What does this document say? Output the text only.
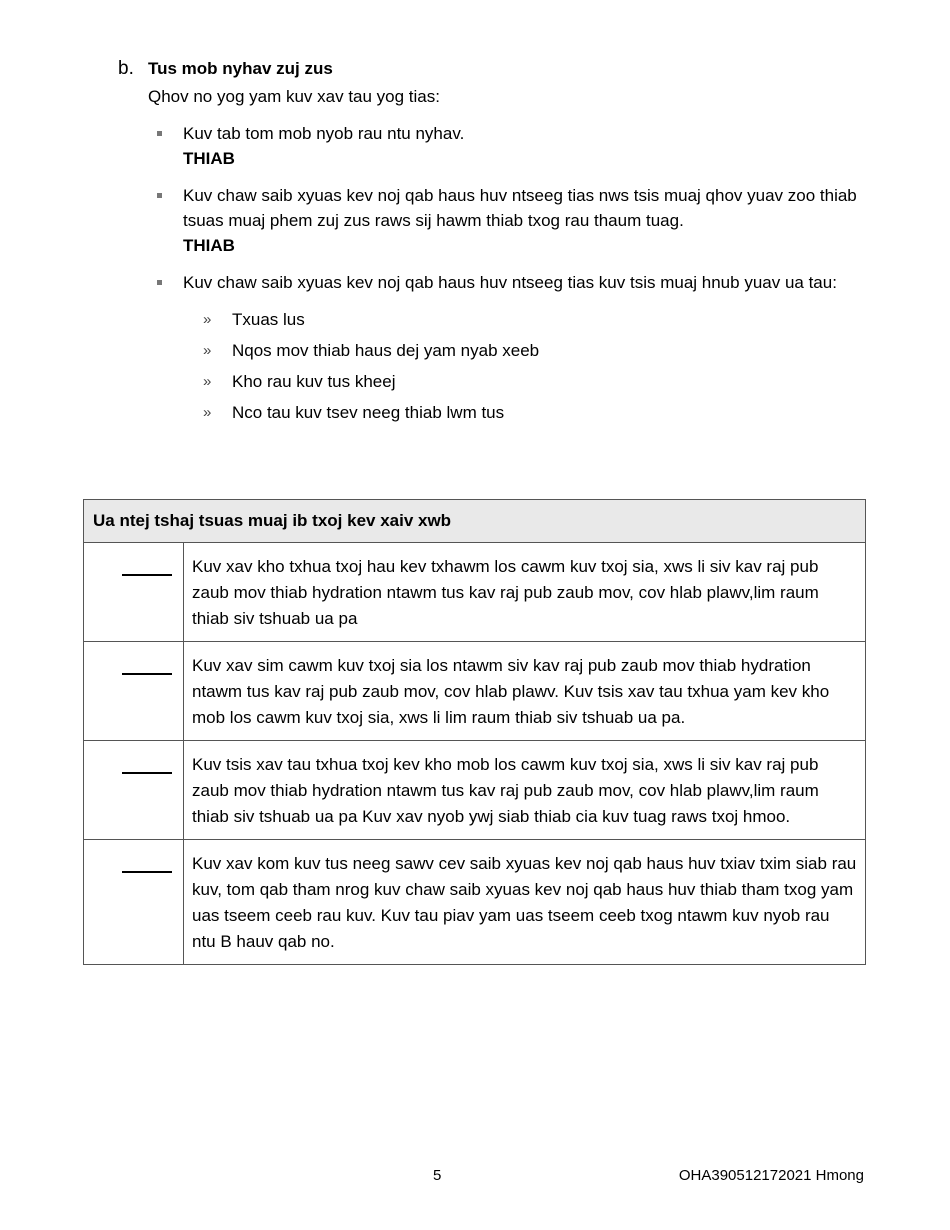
b. Tus mob nyhav zuj zus
Qhov no yog yam kuv xav tau yog tias:
Kuv tab tom mob nyob rau ntu nyhav.
THIAB
Kuv chaw saib xyuas kev noj qab haus huv ntseeg tias nws tsis muaj qhov yuav zoo thiab tsuas muaj phem zuj zus raws sij hawm thiab txog rau thaum tuag.
THIAB
Kuv chaw saib xyuas kev noj qab haus huv ntseeg tias kuv tsis muaj hnub yuav ua tau:
» Txuas lus
» Nqos mov thiab haus dej yam nyab xeeb
» Kho rau kuv tus kheej
» Nco tau kuv tsev neeg thiab lwm tus
Ua ntej tshaj tsuas muaj ib txoj kev xaiv xwb	

	Kuv xav kho txhua txoj hau kev txhawm los cawm kuv txoj sia, xws li siv kav raj pub zaub mov thiab hydration ntawm tus kav raj pub zaub mov, cov hlab plawv,lim raum thiab siv tshuab ua pa

	Kuv xav sim cawm kuv txoj sia los ntawm siv kav raj pub zaub mov thiab hydration ntawm tus kav raj pub zaub mov, cov hlab plawv. Kuv tsis xav tau txhua yam kev kho mob los cawm kuv txoj sia, xws li lim raum thiab siv tshuab ua pa.

	Kuv tsis xav tau txhua txoj kev kho mob los cawm kuv txoj sia, xws li siv kav raj pub zaub mov thiab hydration ntawm tus kav raj pub zaub mov, cov hlab plawv,lim raum thiab siv tshuab ua pa Kuv xav nyob ywj siab thiab cia kuv tuag raws txoj hmoo.

	Kuv xav kom kuv tus neeg sawv cev saib xyuas kev noj qab haus huv txiav txim siab rau kuv, tom qab tham nrog kuv chaw saib xyuas kev noj qab haus huv thiab tham txog yam uas tseem ceeb rau kuv. Kuv tau piav yam uas tseem ceeb txog ntawm kuv nyob rau ntu B hauv qab no.
5	OHA390512172021 Hmong
